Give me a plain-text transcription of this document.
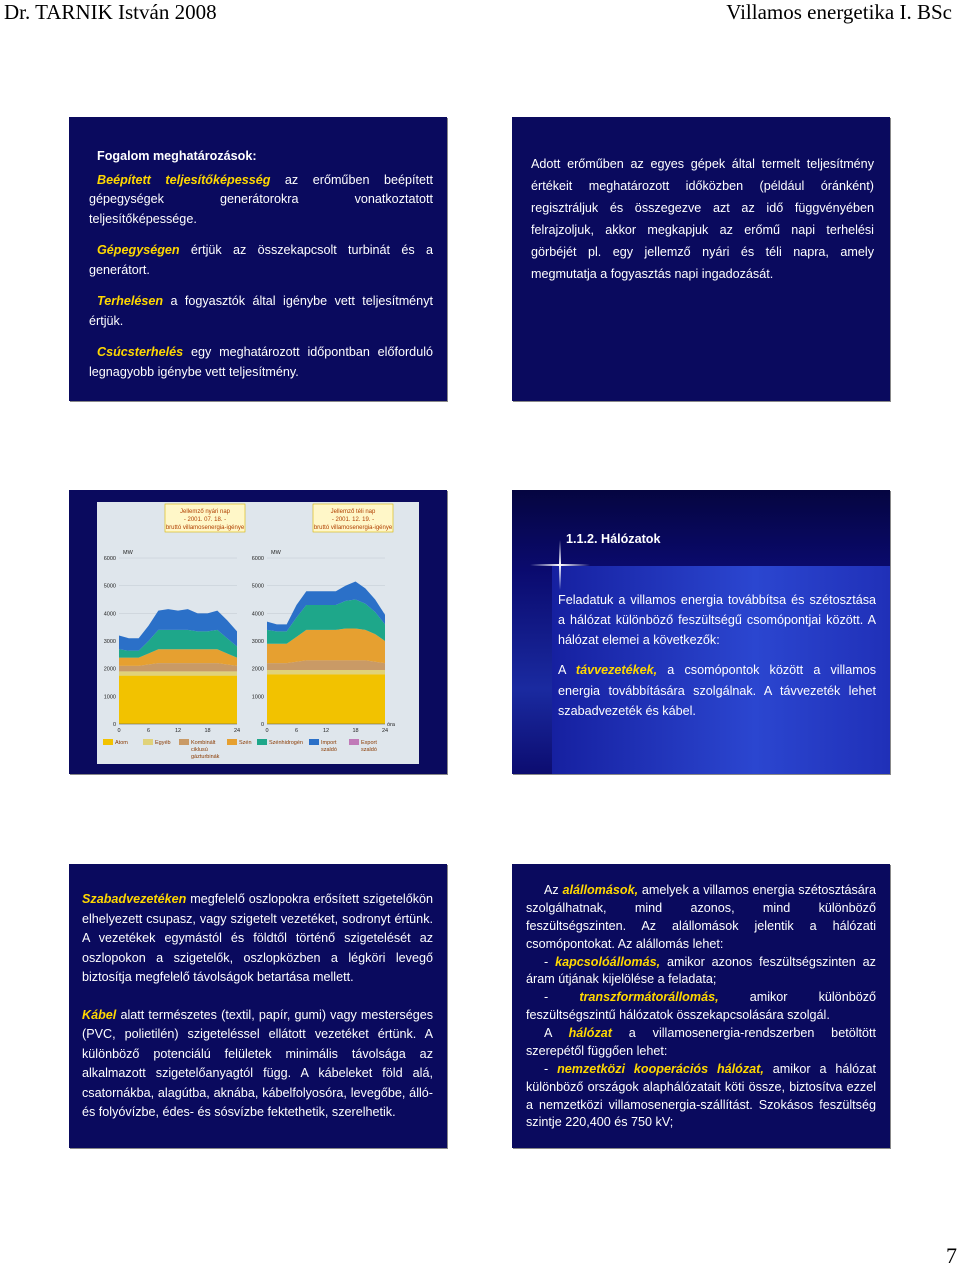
Dr. TARNIK István 2008	Villamos energetika I. BSc

Fogalom meghatározások:

Beépített teljesítőképesség az erőműben beépített gépegységek generátorokra vonatkoztatott teljesítőképessége.

Gépegységen értjük az összekapcsolt turbinát és a generátort.

Terhelésen a fogyasztók által igénybe vett teljesítményt értjük.

Csúcsterhelés egy meghatározott időpontban előforduló legnagyobb igénybe vett teljesítmény.

Adott erőműben az egyes gépek által termelt teljesítmény értékeit meghatározott időközben (például óránként) regisztráljuk és összegezve azt az idő függvényében felrajzoljuk, akkor megkapjuk az erőmű napi terhelési görbéjét pl. egy jellemző nyári és téli napra, amely megmutatja a fogyasztás napi ingadozását.

Jellemző nyári nap
- 2001. 07. 18. -
bruttó villamosenergia-igénye
0
1000
2000
3000
4000
5000
6000
MW
0	6	12	18	24
Jellemző téli nap
- 2001. 12. 19. -
bruttó villamosenergia-igénye
0
1000
2000
3000
4000
5000
6000
MW
0	6	12	18	24
óra
Atom	Egyéb	Kombinált
ciklusú
gázturbinák
Szén	Szénhidrogén	Import
szaldó
Export
szaldó
1.1.2. Hálózatok

Feladatuk a villamos energia továbbítsa és szétosztása a hálózat különböző feszültségű csomópontjai között. A hálózat elemei a következők:

A távvezetékek, a csomópontok között a villamos energia továbbítására szolgálnak. A távvezeték lehet szabadvezeték és kábel.

Szabadvezetéken megfelelő oszlopokra erősített szigetelőkön elhelyezett csupasz, vagy szigetelt vezetéket, sodronyt értünk. A vezetékek egymástól és földtől történő szigetelését az oszlopokon a szigetelők, oszlopközben a légköri levegő biztosítja megfelelő távolságok betartása mellett.

Kábel alatt természetes (textil, papír, gumi) vagy mesterséges (PVC, polietilén) szigeteléssel ellátott vezetéket értünk. A különböző potenciálú felületek minimális távolsága az alkalmazott szigetelőanyagtól függ. A kábeleket föld alá, csatornákba, alagútba, aknába, kábelfolyosóra, levegőbe, álló- és folyóvízbe, édes- és sósvízbe fektethetik, szerelhetik.

Az alállomások, amelyek a villamos energia szétosztására szolgálhatnak, mind azonos, mind különböző feszültségszinten. Az alállomások jelentik a hálózati csomópontokat. Az alállomás lehet:

- kapcsolóállomás, amikor azonos feszültségszinten az áram útjának kijelölése a feladata;

- transzformátorállomás, amikor különböző feszültségszintű hálózatok összekapcsolására szolgál.

A hálózat a villamosenergia-rendszerben betöltött szerepétől függően lehet:

- nemzetközi kooperációs hálózat, amikor a hálózat különböző országok alaphálózatait köti össze, biztosítva ezzel a nemzetközi villamosenergia-szállítást. Szokásos feszültség szintje 220,400 és 750 kV;

7
